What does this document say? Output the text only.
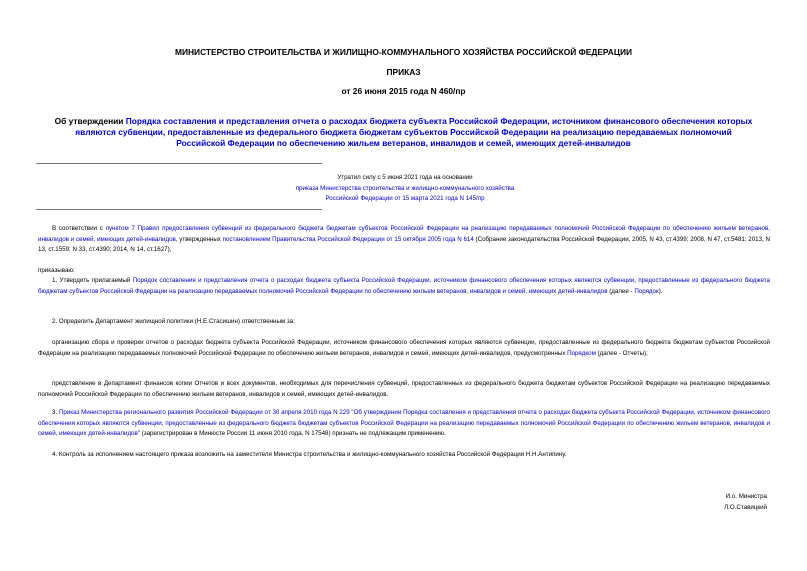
МИНИСТЕРСТВО СТРОИТЕЛЬСТВА И ЖИЛИЩНО-КОММУНАЛЬНОГО ХОЗЯЙСТВА РОССИЙСКОЙ ФЕДЕРАЦИИ
ПРИКАЗ
от 26 июня 2015 года N 460/пр
Об утверждении Порядка составления и представления отчета о расходах бюджета субъекта Российской Федерации, источником финансового обеспечения которых являются субвенции, предоставленные из федерального бюджета бюджетам субъектов Российской Федерации на реализацию передаваемых полномочий Российской Федерации по обеспечению жильем ветеранов, инвалидов и семей, имеющих детей-инвалидов
Утратил силу с 5 июня 2021 года на основании
приказа Министерства строительства и жилищно-коммунального хозяйства
Российской Федерации от 15 марта 2021 года N 145/пр
В соответствии с пунктом 7 Правил предоставления субвенций из федерального бюджета бюджетам субъектов Российской Федерации на реализацию передаваемых полномочий Российской Федерации по обеспечению жильем ветеранов, инвалидов и семей, имеющих детей-инвалидов, утвержденных постановлением Правительства Российской Федерации от 15 октября 2005 года N 614 (Собрание законодательства Российской Федерации, 2005, N 43, ст.4399; 2008, N 47, ст.5481; 2013, N 13, ст.1559; N 33, ст.4390; 2014, N 14, ст.1627),
приказываю:
1. Утвердить прилагаемый Порядок составления и представления отчета о расходах бюджета субъекта Российской Федерации, источником финансового обеспечения которых являются субвенции, предоставленные из федерального бюджета бюджетам субъектов Российской Федерации на реализацию передаваемых полномочий Российской Федерации по обеспечению жильем ветеранов, инвалидов и семей, имеющих детей-инвалидов (далее - Порядок).
2. Определить Департамент жилищной политики (Н.Е.Стасишин) ответственным за:
организацию сбора и проверки отчетов о расходах бюджета субъекта Российской Федерации, источником финансового обеспечения которых являются субвенции, предоставленные из федерального бюджета бюджетам субъектов Российской Федерации на реализацию передаваемых полномочий Российской Федерации по обеспечению жильем ветеранов, инвалидов и семей, имеющих детей-инвалидов, предусмотренных Порядком (далее - Отчеты);
представление в Департамент финансов копии Отчетов и всех документов, необходимых для перечисления субвенций, предоставленных из федерального бюджета бюджетам субъектов Российской Федерации на реализацию передаваемых полномочий Российской Федерации по обеспечению жильем ветеранов, инвалидов и семей, имеющих детей-инвалидов.
3. Приказ Министерства регионального развития Российской Федерации от 30 апреля 2010 года N 229 "Об утверждении Порядка составления и представления отчета о расходах бюджета субъекта Российской Федерации, источником финансового обеспечения которых являются субвенции, предоставленные из федерального бюджета бюджетам субъектов Российской Федерации на реализацию передаваемых полномочий Российской Федерации по обеспечению жильем ветеранов, инвалидов и семей, имеющих детей-инвалидов" (зарегистрирован в Минюсте России 11 июня 2010 года, N 17548) признать не подлежащим применению.
4. Контроль за исполнением настоящего приказа возложить на заместителя Министра строительства и жилищно-коммунального хозяйства Российской Федерации Н.Н.Антипину.
И.о. Министра
Л.О.Ставицкий
